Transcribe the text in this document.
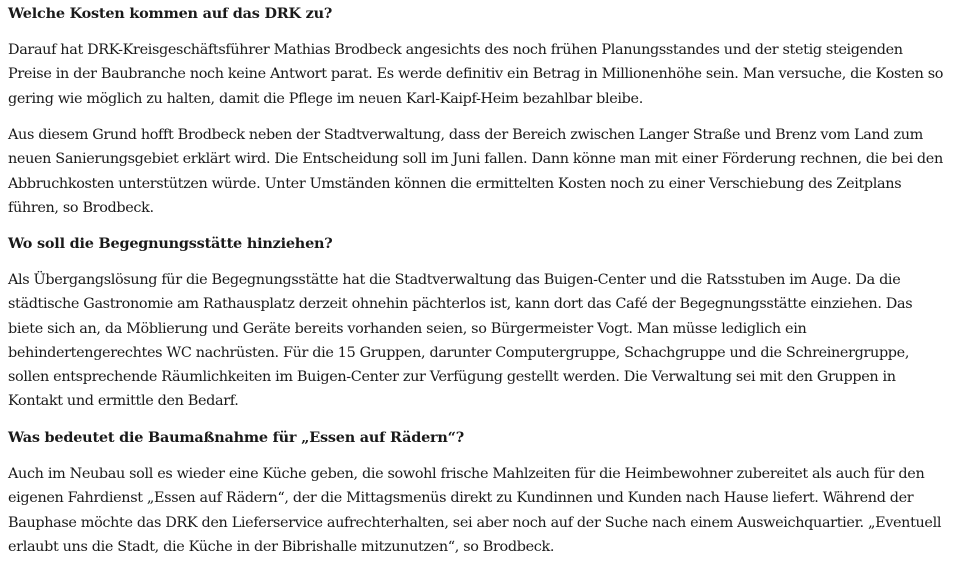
Welche Kosten kommen auf das DRK zu?

Darauf hat DRK-Kreisgeschäftsführer Mathias Brodbeck angesichts des noch frühen Planungsstandes und der stetig steigenden Preise in der Baubranche noch keine Antwort parat. Es werde definitiv ein Betrag in Millionenhöhe sein. Man versuche, die Kosten so gering wie möglich zu halten, damit die Pflege im neuen Karl-Kaipf-Heim bezahlbar bleibe.

Aus diesem Grund hofft Brodbeck neben der Stadtverwaltung, dass der Bereich zwischen Langer Straße und Brenz vom Land zum neuen Sanierungsgebiet erklärt wird. Die Entscheidung soll im Juni fallen. Dann könne man mit einer Förderung rechnen, die bei den Abbruchkosten unterstützen würde. Unter Umständen können die ermittelten Kosten noch zu einer Verschiebung des Zeitplans führen, so Brodbeck.

Wo soll die Begegnungsstätte hinziehen?

Als Übergangslösung für die Begegnungsstätte hat die Stadtverwaltung das Buigen-Center und die Ratsstuben im Auge. Da die städtische Gastronomie am Rathausplatz derzeit ohnehin pächterlos ist, kann dort das Café der Begegnungsstätte einziehen. Das biete sich an, da Möblierung und Geräte bereits vorhanden seien, so Bürgermeister Vogt. Man müsse lediglich ein behindertengerechtes WC nachrüsten. Für die 15 Gruppen, darunter Computergruppe, Schachgruppe und die Schreinergruppe, sollen entsprechende Räumlichkeiten im Buigen-Center zur Verfügung gestellt werden. Die Verwaltung sei mit den Gruppen in Kontakt und ermittle den Bedarf.

Was bedeutet die Baumaßnahme für „Essen auf Rädern“?

Auch im Neubau soll es wieder eine Küche geben, die sowohl frische Mahlzeiten für die Heimbewohner zubereitet als auch für den eigenen Fahrdienst „Essen auf Rädern“, der die Mittagsmenüs direkt zu Kundinnen und Kunden nach Hause liefert. Während der Bauphase möchte das DRK den Lieferservice aufrechterhalten, sei aber noch auf der Suche nach einem Ausweichquartier. „Eventuell erlaubt uns die Stadt, die Küche in der Bibrishalle mitzunutzen“, so Brodbeck.
